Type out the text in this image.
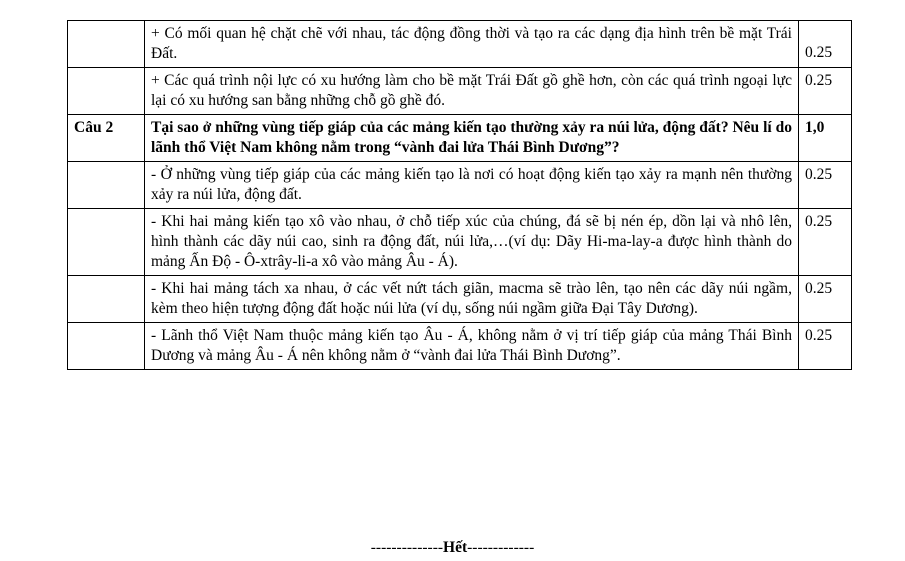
	+ Có mối quan hệ chặt chẽ với nhau, tác động đồng thời và tạo ra các dạng địa hình trên bề mặt Trái Đất.	0.25
	+ Các quá trình nội lực có xu hướng làm cho bề mặt Trái Đất gồ ghề hơn, còn các quá trình ngoại lực lại có xu hướng san bằng những chỗ gồ ghề đó.	0.25
Câu 2	Tại sao ở những vùng tiếp giáp của các mảng kiến tạo thường xảy ra núi lửa, động đất? Nêu lí do lãnh thổ Việt Nam không nằm trong “vành đai lửa Thái Bình Dương”?	1,0
	- Ở những vùng tiếp giáp của các mảng kiến tạo là nơi có hoạt động kiến tạo xảy ra mạnh nên thường xảy ra núi lửa, động đất.	0.25
	- Khi hai mảng kiến tạo xô vào nhau, ở chỗ tiếp xúc của chúng, đá sẽ bị nén ép, dồn lại và nhô lên, hình thành các dãy núi cao, sinh ra động đất, núi lửa,…(ví dụ: Dãy Hi-ma-lay-a được hình thành do mảng Ấn Độ - Ô-xtrây-li-a xô vào mảng Âu - Á).	0.25
	- Khi hai mảng tách xa nhau, ở các vết nứt tách giãn, macma sẽ trào lên, tạo nên các dãy núi ngầm, kèm theo hiện tượng động đất hoặc núi lửa (ví dụ, sống núi ngầm giữa Đại Tây Dương).	0.25
	- Lãnh thổ Việt Nam thuộc mảng kiến tạo Âu - Á, không nằm ở vị trí tiếp giáp của mảng Thái Bình Dương và mảng Âu - Á nên không nằm ở “vành đai lửa Thái Bình Dương”.	0.25
--------------Hết-------------
